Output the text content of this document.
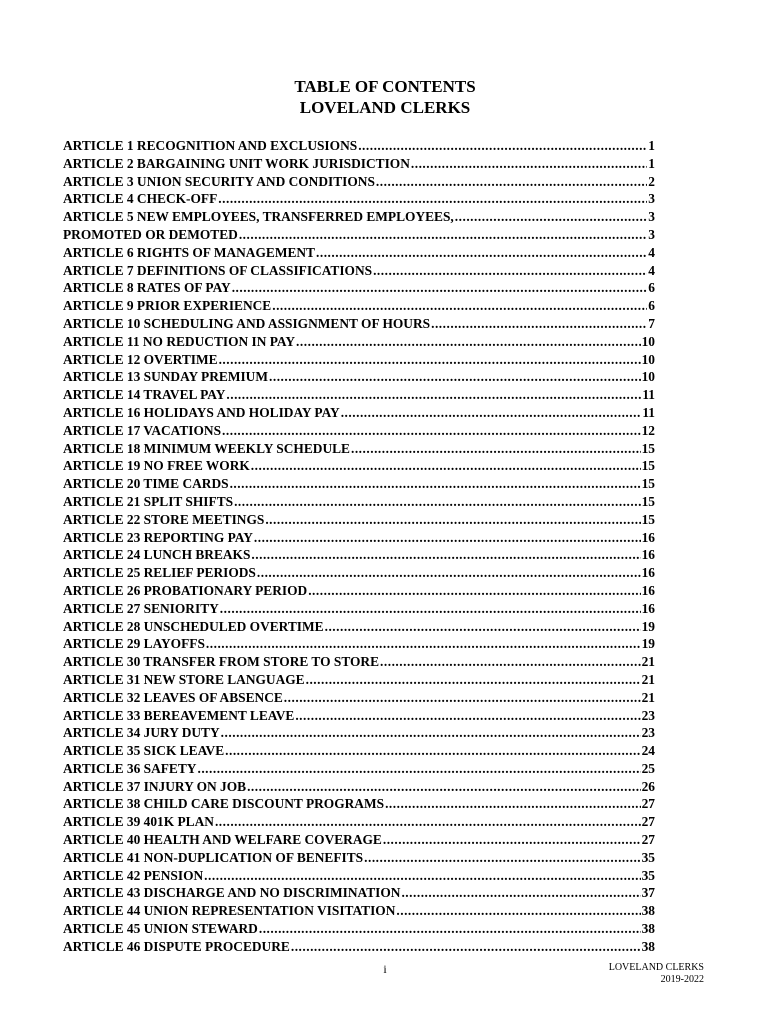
TABLE OF CONTENTS
LOVELAND CLERKS
ARTICLE 1 RECOGNITION AND EXCLUSIONS .....	1
ARTICLE 2 BARGAINING UNIT WORK JURISDICTION .....	1
ARTICLE 3 UNION SECURITY AND CONDITIONS .....	2
ARTICLE 4 CHECK-OFF .....	3
ARTICLE 5 NEW EMPLOYEES, TRANSFERRED EMPLOYEES, .....	3
PROMOTED OR DEMOTED .....	3
ARTICLE 6 RIGHTS OF MANAGEMENT .....	4
ARTICLE 7 DEFINITIONS OF CLASSIFICATIONS .....	4
ARTICLE 8 RATES OF PAY .....	6
ARTICLE 9 PRIOR EXPERIENCE .....	6
ARTICLE 10 SCHEDULING AND ASSIGNMENT OF HOURS .....	7
ARTICLE 11 NO REDUCTION IN PAY .....	10
ARTICLE 12 OVERTIME .....	10
ARTICLE 13 SUNDAY PREMIUM .....	10
ARTICLE 14 TRAVEL PAY .....	11
ARTICLE 16 HOLIDAYS AND HOLIDAY PAY .....	11
ARTICLE 17 VACATIONS .....	12
ARTICLE 18 MINIMUM WEEKLY SCHEDULE .....	15
ARTICLE 19 NO FREE WORK .....	15
ARTICLE 20 TIME CARDS .....	15
ARTICLE 21 SPLIT SHIFTS .....	15
ARTICLE 22 STORE MEETINGS .....	15
ARTICLE 23 REPORTING PAY .....	16
ARTICLE 24 LUNCH BREAKS .....	16
ARTICLE 25 RELIEF PERIODS .....	16
ARTICLE 26 PROBATIONARY PERIOD .....	16
ARTICLE 27 SENIORITY .....	16
ARTICLE 28 UNSCHEDULED OVERTIME .....	19
ARTICLE 29 LAYOFFS .....	19
ARTICLE 30 TRANSFER FROM STORE TO STORE .....	21
ARTICLE 31 NEW STORE LANGUAGE .....	21
ARTICLE 32 LEAVES OF ABSENCE .....	21
ARTICLE 33 BEREAVEMENT LEAVE .....	23
ARTICLE 34 JURY DUTY .....	23
ARTICLE 35 SICK LEAVE .....	24
ARTICLE 36 SAFETY .....	25
ARTICLE 37 INJURY ON JOB .....	26
ARTICLE 38 CHILD CARE DISCOUNT PROGRAMS .....	27
ARTICLE 39 401K PLAN .....	27
ARTICLE 40 HEALTH AND WELFARE COVERAGE .....	27
ARTICLE 41 NON-DUPLICATION OF BENEFITS .....	35
ARTICLE 42 PENSION .....	35
ARTICLE 43 DISCHARGE AND NO DISCRIMINATION .....	37
ARTICLE 44 UNION REPRESENTATION VISITATION .....	38
ARTICLE 45 UNION STEWARD .....	38
ARTICLE 46 DISPUTE PROCEDURE .....	38
i	LOVELAND CLERKS
2019-2022
